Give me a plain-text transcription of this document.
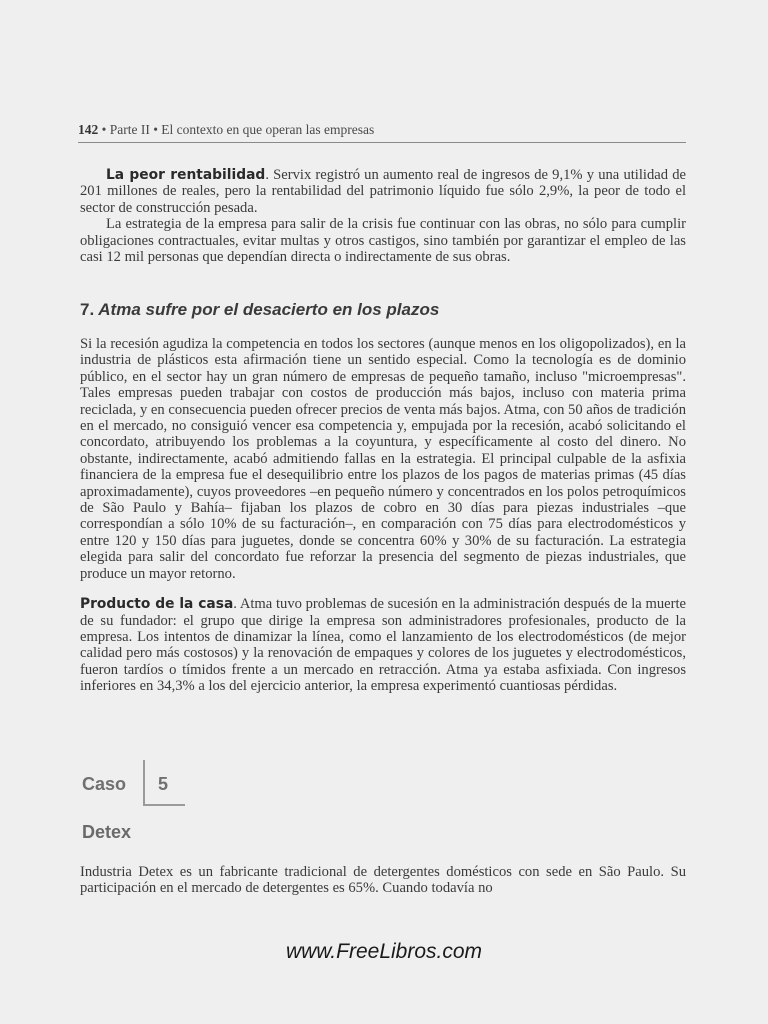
142 • Parte II • El contexto en que operan las empresas

La peor rentabilidad. Servix registró un aumento real de ingresos de 9,1% y una utilidad de 201 millones de reales, pero la rentabilidad del patrimonio líquido fue sólo 2,9%, la peor de todo el sector de construcción pesada.

La estrategia de la empresa para salir de la crisis fue continuar con las obras, no sólo para cumplir obligaciones contractuales, evitar multas y otros castigos, sino también por garantizar el empleo de las casi 12 mil personas que dependían directa o indirectamente de sus obras.

7. Atma sufre por el desacierto en los plazos

Si la recesión agudiza la competencia en todos los sectores (aunque menos en los oligopolizados), en la industria de plásticos esta afirmación tiene un sentido especial. Como la tecnología es de dominio público, en el sector hay un gran número de empresas de pequeño tamaño, incluso "microempresas". Tales empresas pueden trabajar con costos de producción más bajos, incluso con materia prima reciclada, y en consecuencia pueden ofrecer precios de venta más bajos. Atma, con 50 años de tradición en el mercado, no consiguió vencer esa competencia y, empujada por la recesión, acabó solicitando el concordato, atribuyendo los problemas a la coyuntura, y específicamente al costo del dinero. No obstante, indirectamente, acabó admitiendo fallas en la estrategia. El principal culpable de la asfixia financiera de la empresa fue el desequilibrio entre los plazos de los pagos de materias primas (45 días aproximadamente), cuyos proveedores –en pequeño número y concentrados en los polos petroquímicos de São Paulo y Bahía– fijaban los plazos de cobro en 30 días para piezas industriales –que correspondían a sólo 10% de su facturación–, en comparación con 75 días para electrodomésticos y entre 120 y 150 días para juguetes, donde se concentra 60% y 30% de su facturación. La estrategia elegida para salir del concordato fue reforzar la presencia del segmento de piezas industriales, que produce un mayor retorno.

Producto de la casa. Atma tuvo problemas de sucesión en la administración después de la muerte de su fundador: el grupo que dirige la empresa son administradores profesionales, producto de la empresa. Los intentos de dinamizar la línea, como el lanzamiento de los electrodomésticos (de mejor calidad pero más costosos) y la renovación de empaques y colores de los juguetes y electrodomésticos, fueron tardíos o tímidos frente a un mercado en retracción. Atma ya estaba asfixiada. Con ingresos inferiores en 34,3% a los del ejercicio anterior, la empresa experimentó cuantiosas pérdidas.

Caso 5
Detex

Industria Detex es un fabricante tradicional de detergentes domésticos con sede en São Paulo. Su participación en el mercado de detergentes es 65%. Cuando todavía no

www.FreeLibros.com
